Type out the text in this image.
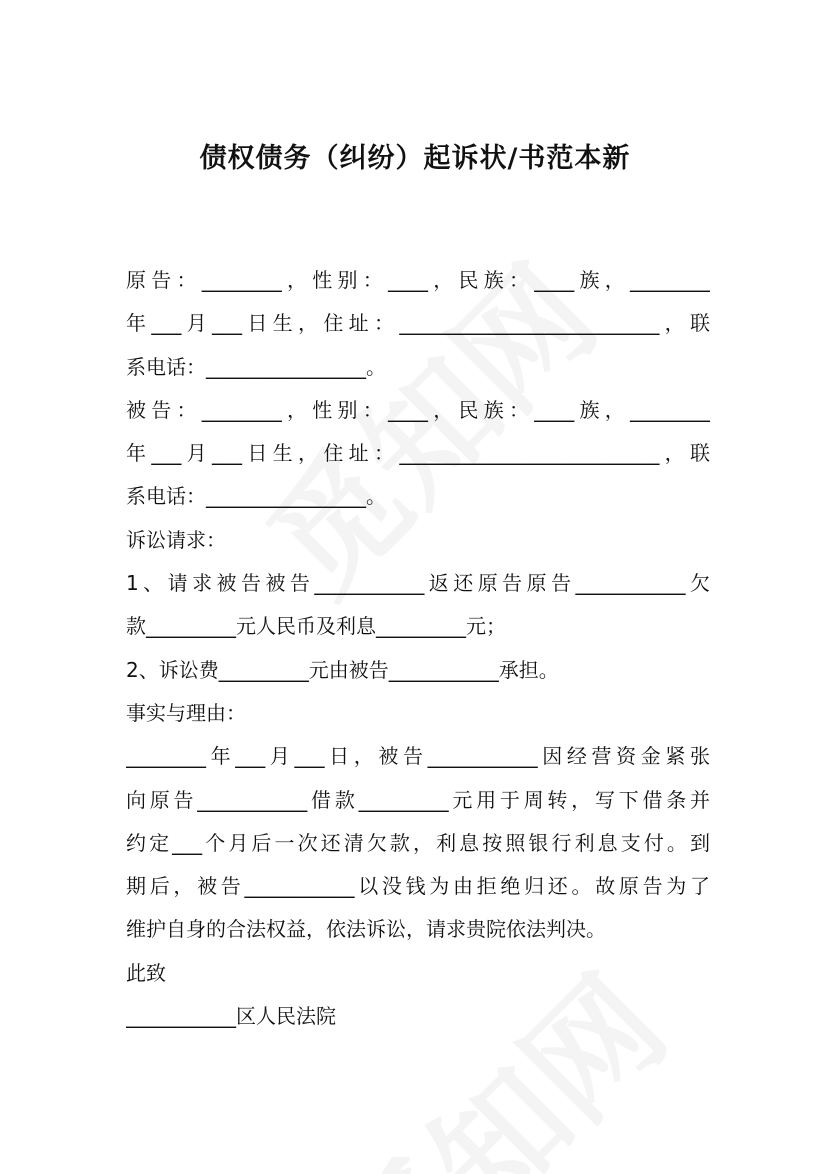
债权债务（纠纷）起诉状/书范本新
原告：________，性别：____，民族：____族，________
年___月___日生，住址：__________________________，联
系电话：________________。
被告：________，性别：____，民族：____族，________
年___月___日生，住址：__________________________，联
系电话：________________。
诉讼请求：
1、请求被告被告___________返还原告原告___________欠
款_________元人民币及利息_________元；
2、诉讼费_________元由被告___________承担。
事实与理由：
________年___月___日，被告___________因经营资金紧张
向原告___________借款_________元用于周转，写下借条并
约定___个月后一次还清欠款，利息按照银行利息支付。到
期后，被告___________以没钱为由拒绝归还。故原告为了
维护自身的合法权益，依法诉讼，请求贵院依法判决。
此致
___________区人民法院
